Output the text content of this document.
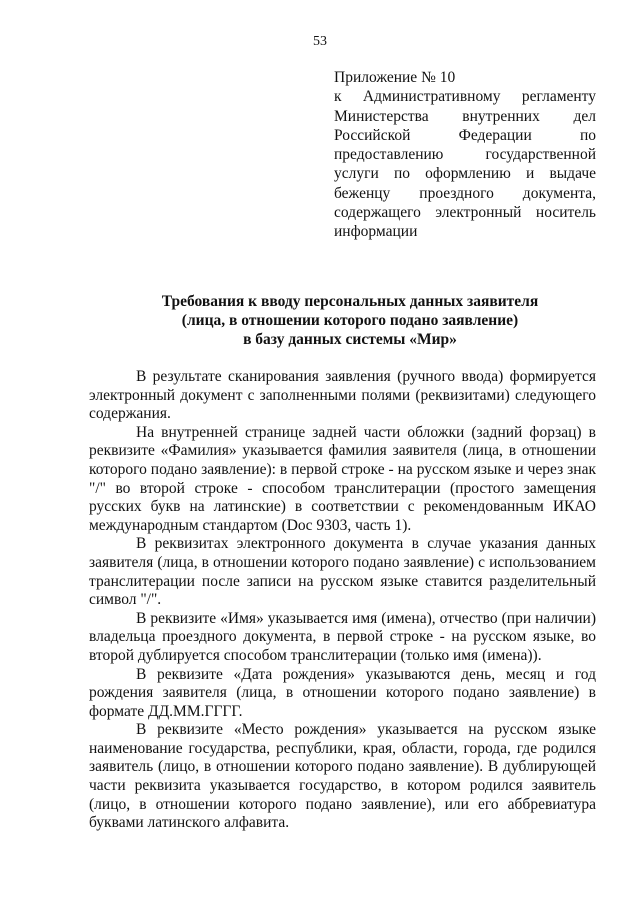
53
Приложение № 10
к Административному регламенту Министерства внутренних дел Российской Федерации по предоставлению государственной услуги по оформлению и выдаче беженцу проездного документа, содержащего электронный носитель информации
Требования к вводу персональных данных заявителя
(лица, в отношении которого подано заявление)
в базу данных системы «Мир»

В результате сканирования заявления (ручного ввода) формируется электронный документ с заполненными полями (реквизитами) следующего содержания.

На внутренней странице задней части обложки (задний форзац) в реквизите «Фамилия» указывается фамилия заявителя (лица, в отношении которого подано заявление): в первой строке - на русском языке и через знак "/" во второй строке - способом транслитерации (простого замещения русских букв на латинские) в соответствии с рекомендованным ИКАО международным стандартом (Doc 9303, часть 1).

В реквизитах электронного документа в случае указания данных заявителя (лица, в отношении которого подано заявление) с использованием транслитерации после записи на русском языке ставится разделительный символ "/".

В реквизите «Имя» указывается имя (имена), отчество (при наличии) владельца проездного документа, в первой строке - на русском языке, во второй дублируется способом транслитерации (только имя (имена)).

В реквизите «Дата рождения» указываются день, месяц и год рождения заявителя (лица, в отношении которого подано заявление) в формате ДД.ММ.ГГГГ.

В реквизите «Место рождения» указывается на русском языке наименование государства, республики, края, области, города, где родился заявитель (лицо, в отношении которого подано заявление). В дублирующей части реквизита указывается государство, в котором родился заявитель (лицо, в отношении которого подано заявление), или его аббревиатура буквами латинского алфавита.
